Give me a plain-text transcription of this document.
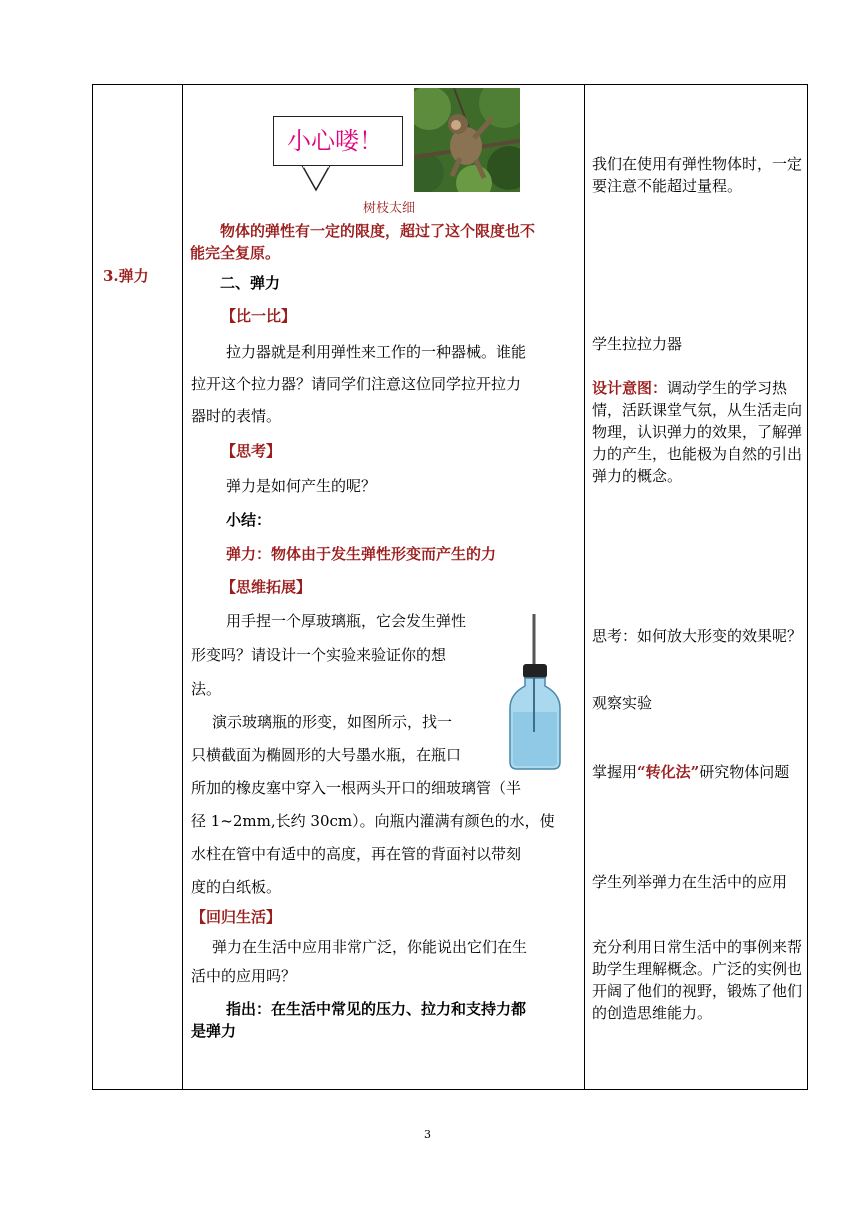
3.弹力
小心喽！
树枝太细
物体的弹性有一定的限度，超过了这个限度也不
能完全复原。
二、弹力
【比一比】
拉力器就是利用弹性来工作的一种器械。谁能
拉开这个拉力器？请同学们注意这位同学拉开拉力
器时的表情。
【思考】
弹力是如何产生的呢？
小结：
弹力：物体由于发生弹性形变而产生的力
【思维拓展】
用手捏一个厚玻璃瓶，它会发生弹性
形变吗？请设计一个实验来验证你的想
法。
演示玻璃瓶的形变，如图所示，找一
只横截面为椭圆形的大号墨水瓶，在瓶口
所加的橡皮塞中穿入一根两头开口的细玻璃管（半
径 1~2mm,长约 30cm）。向瓶内灌满有颜色的水，使
水柱在管中有适中的高度，再在管的背面衬以带刻
度的白纸板。
【回归生活】
弹力在生活中应用非常广泛，你能说出它们在生
活中的应用吗？
指出：在生活中常见的压力、拉力和支持力都
是弹力
我们在使用有弹性物体时，一定要注意不能超过量程。
学生拉拉力器
设计意图：调动学生的学习热情，活跃课堂气氛，从生活走向物理，认识弹力的效果，了解弹力的产生，也能极为自然的引出弹力的概念。
思考：如何放大形变的效果呢？
观察实验
掌握用“转化法”研究物体问题
学生列举弹力在生活中的应用
充分利用日常生活中的事例来帮助学生理解概念。广泛的实例也开阔了他们的视野，锻炼了他们的创造思维能力。
3
